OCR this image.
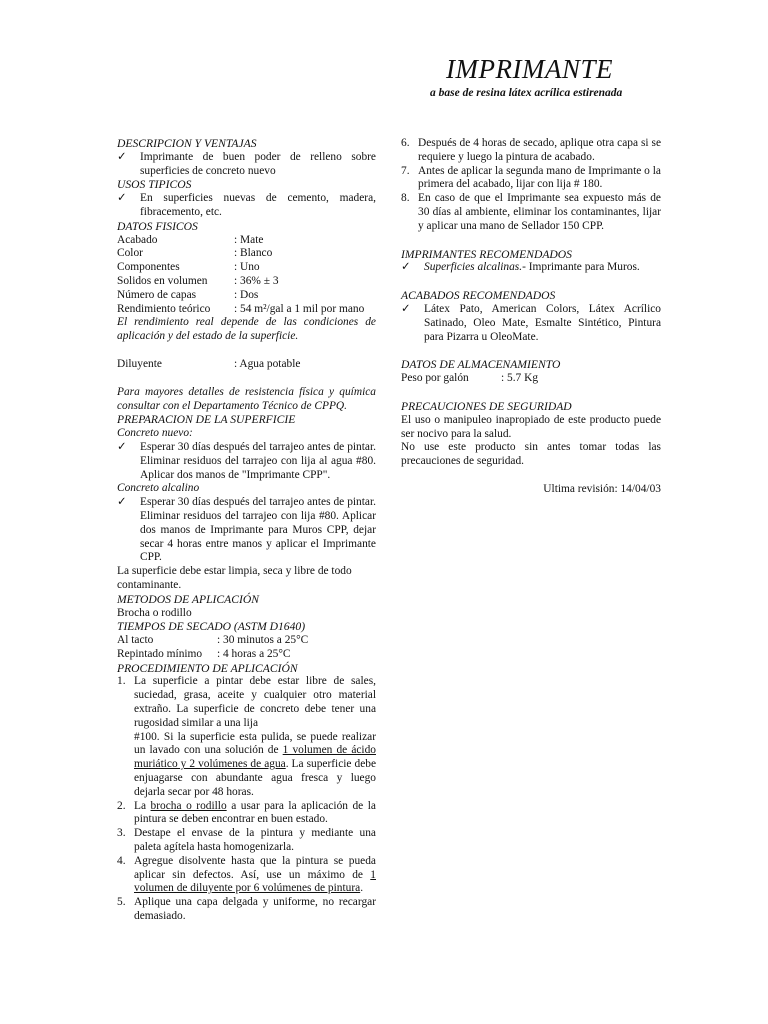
IMPRIMANTE
a base de resina látex acrílica estirenada
DESCRIPCION Y VENTAJAS
✓ Imprimante de buen poder de relleno sobre superficies de concreto nuevo
USOS TIPICOS
✓ En superficies nuevas de cemento, madera, fibracemento, etc.
DATOS FISICOS
Acabado	: Mate
Color	: Blanco
Componentes	: Uno
Solidos en volumen	: 36% ± 3
Número de capas	: Dos
Rendimiento teórico	: 54 m²/gal a 1 mil por mano
El rendimiento real depende de las condiciones de aplicación y del estado de la superficie.
Diluyente	: Agua potable
Para mayores detalles de resistencia física y química consultar con el Departamento Técnico de CPPQ.
PREPARACION DE LA SUPERFICIE
Concreto nuevo:
✓ Esperar 30 días después del tarrajeo antes de pintar. Eliminar residuos del tarrajeo con lija al agua #80. Aplicar dos manos de "Imprimante CPP".
Concreto alcalino
✓ Esperar 30 días después del tarrajeo antes de pintar. Eliminar residuos del tarrajeo con lija #80. Aplicar dos manos de Imprimante para Muros CPP, dejar secar 4 horas entre manos y aplicar el Imprimante CPP.
La superficie debe estar limpia, seca y libre de todo contaminante.
METODOS DE APLICACIÓN
Brocha o rodillo
TIEMPOS DE SECADO (ASTM D1640)
Al tacto	: 30 minutos a 25°C
Repintado mínimo	: 4 horas a 25°C
PROCEDIMIENTO DE APLICACIÓN
1. La superficie a pintar debe estar libre de sales, suciedad, grasa, aceite y cualquier otro material extraño. La superficie de concreto debe tener una rugosidad similar a una lija
#100. Si la superficie esta pulida, se puede realizar un lavado con una solución de 1 volumen de ácido muriático y 2 volúmenes de agua. La superficie debe enjuagarse con abundante agua fresca y luego dejarla secar por 48 horas.
2. La brocha o rodillo a usar para la aplicación de la pintura se deben encontrar en buen estado.
3. Destape el envase de la pintura y mediante una paleta agítela hasta homogenizarla.
4. Agregue disolvente hasta que la pintura se pueda aplicar sin defectos. Así, use un máximo de 1 volumen de diluyente por 6 volúmenes de pintura.
5. Aplique una capa delgada y uniforme, no recargar demasiado.
6. Después de 4 horas de secado, aplique otra capa si se requiere y luego la pintura de acabado.
7. Antes de aplicar la segunda mano de Imprimante o la primera del acabado, lijar con lija # 180.
8. En caso de que el Imprimante sea expuesto más de 30 días al ambiente, eliminar los contaminantes, lijar y aplicar una mano de Sellador 150 CPP.
IMPRIMANTES RECOMENDADOS
✓ Superficies alcalinas.- Imprimante para Muros.
ACABADOS RECOMENDADOS
✓ Látex Pato, American Colors, Látex Acrílico Satinado, Oleo Mate, Esmalte Sintético, Pintura para Pizarra u OleoMate.
DATOS DE ALMACENAMIENTO
Peso por galón	: 5.7 Kg
PRECAUCIONES DE SEGURIDAD
El uso o manipuleo inapropiado de este producto puede ser nocivo para la salud.
No use este producto sin antes tomar todas las precauciones de seguridad.
Ultima revisión: 14/04/03
